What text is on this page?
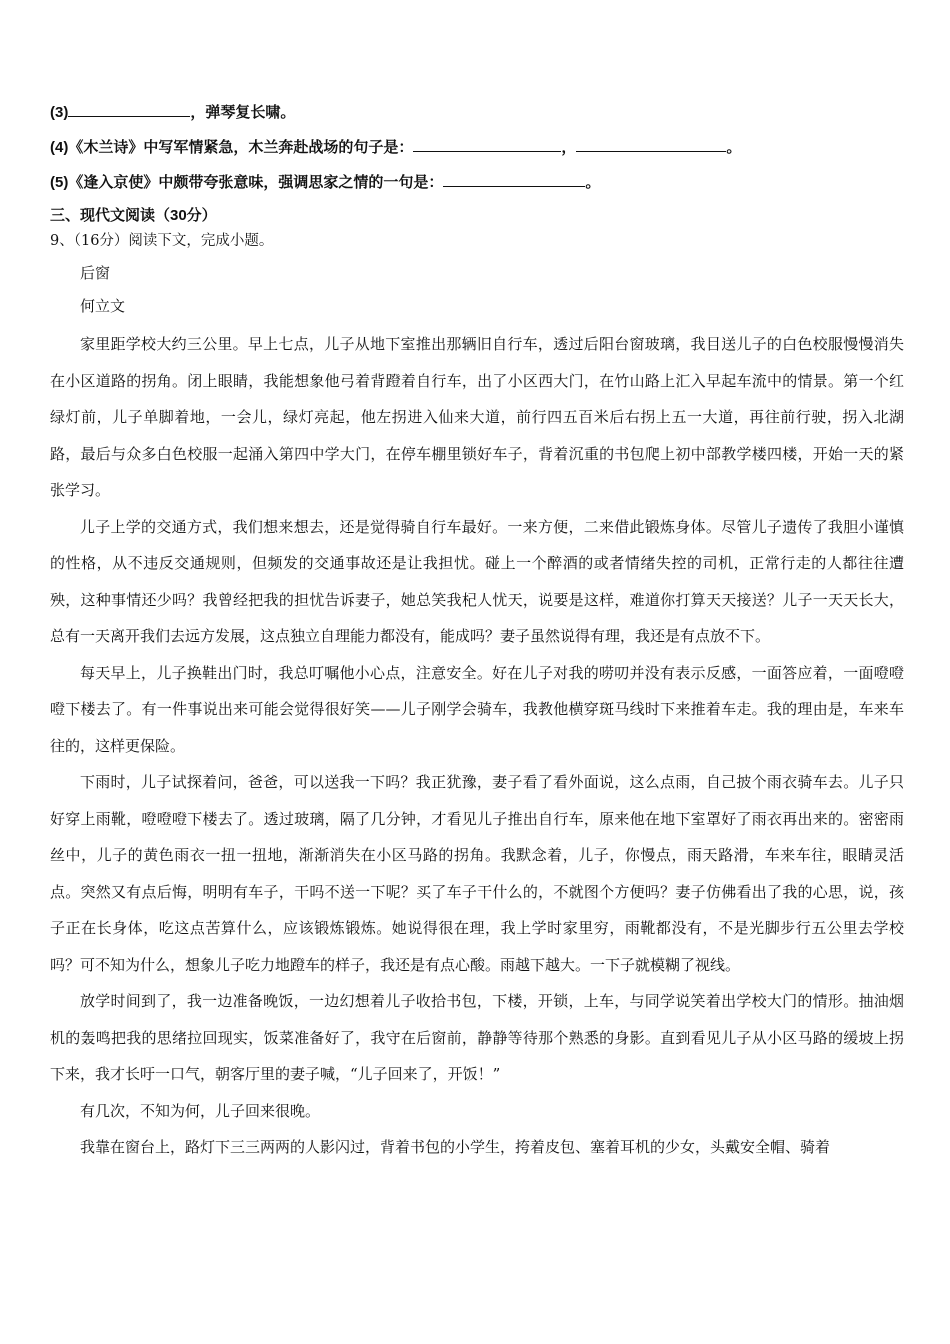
(3)	，弹琴复长啸。
(4)《木兰诗》中写军情紧急，木兰奔赴战场的句子是：	，	。
(5)《逢入京使》中颇带夸张意味，强调思家之情的一句是：	。
三、现代文阅读（30分）
9、（16分）阅读下文，完成小题。
后窗
何立文

家里距学校大约三公里。早上七点，儿子从地下室推出那辆旧自行车，透过后阳台窗玻璃，我目送儿子的白色校服慢慢消失在小区道路的拐角。闭上眼睛，我能想象他弓着背蹬着自行车，出了小区西大门，在竹山路上汇入早起车流中的情景。第一个红绿灯前，儿子单脚着地，一会儿，绿灯亮起，他左拐进入仙来大道，前行四五百米后右拐上五一大道，再往前行驶，拐入北湖路，最后与众多白色校服一起涌入第四中学大门，在停车棚里锁好车子，背着沉重的书包爬上初中部教学楼四楼，开始一天的紧张学习。

儿子上学的交通方式，我们想来想去，还是觉得骑自行车最好。一来方便，二来借此锻炼身体。尽管儿子遗传了我胆小谨慎的性格，从不违反交通规则，但频发的交通事故还是让我担忧。碰上一个醉酒的或者情绪失控的司机，正常行走的人都往往遭殃，这种事情还少吗？我曾经把我的担忧告诉妻子，她总笑我杞人忧天，说要是这样，难道你打算天天接送？儿子一天天长大，总有一天离开我们去远方发展，这点独立自理能力都没有，能成吗？妻子虽然说得有理，我还是有点放不下。

每天早上，儿子换鞋出门时，我总叮嘱他小心点，注意安全。好在儿子对我的唠叨并没有表示反感，一面答应着，一面噔噔噔下楼去了。有一件事说出来可能会觉得很好笑——儿子刚学会骑车，我教他横穿斑马线时下来推着车走。我的理由是，车来车往的，这样更保险。

下雨时，儿子试探着问，爸爸，可以送我一下吗？我正犹豫，妻子看了看外面说，这么点雨，自己披个雨衣骑车去。儿子只好穿上雨靴，噔噔噔下楼去了。透过玻璃，隔了几分钟，才看见儿子推出自行车，原来他在地下室罩好了雨衣再出来的。密密雨丝中，儿子的黄色雨衣一扭一扭地，渐渐消失在小区马路的拐角。我默念着，儿子，你慢点，雨天路滑，车来车往，眼睛灵活点。突然又有点后悔，明明有车子，干吗不送一下呢？买了车子干什么的，不就图个方便吗？妻子仿佛看出了我的心思，说，孩子正在长身体，吃这点苦算什么，应该锻炼锻炼。她说得很在理，我上学时家里穷，雨靴都没有，不是光脚步行五公里去学校吗？可不知为什么，想象儿子吃力地蹬车的样子，我还是有点心酸。雨越下越大。一下子就模糊了视线。

放学时间到了，我一边准备晚饭，一边幻想着儿子收拾书包，下楼，开锁，上车，与同学说笑着出学校大门的情形。抽油烟机的轰鸣把我的思绪拉回现实，饭菜准备好了，我守在后窗前，静静等待那个熟悉的身影。直到看见儿子从小区马路的缓坡上拐下来，我才长吁一口气，朝客厅里的妻子喊，“儿子回来了，开饭！”

有几次，不知为何，儿子回来很晚。

我靠在窗台上，路灯下三三两两的人影闪过，背着书包的小学生，挎着皮包、塞着耳机的少女，头戴安全帽、骑着
